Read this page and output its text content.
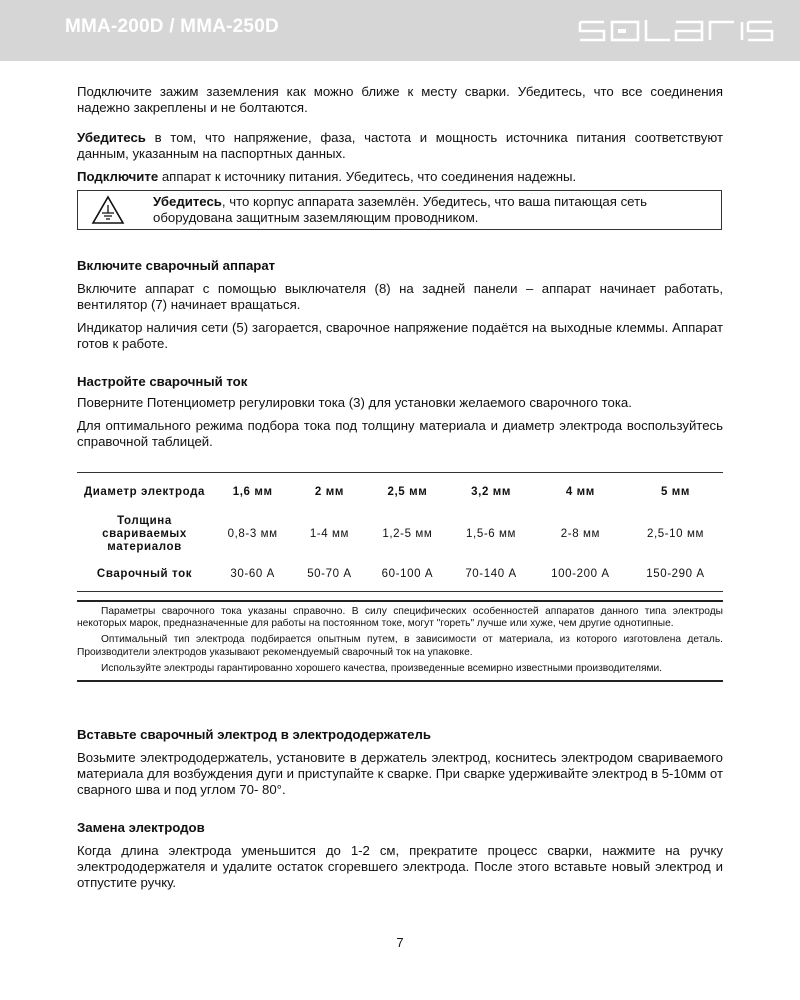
MMA-200D / MMA-250D

Подключите зажим заземления как можно ближе к месту сварки. Убедитесь, что все соединения надежно закреплены и не болтаются.

Убедитесь в том, что напряжение, фаза, частота и мощность источника питания соответствуют данным, указанным на паспортных данных.

Подключите аппарат к источнику питания. Убедитесь, что соединения надежны.

Убедитесь, что корпус аппарата заземлён. Убедитесь, что ваша питающая сеть оборудована защитным заземляющим проводником.
Включите сварочный аппарат

Включите аппарат с помощью выключателя (8) на задней панели – аппарат начинает работать, вентилятор (7) начинает вращаться.

Индикатор наличия сети (5) загорается, сварочное напряжение подаётся на выходные клеммы. Аппарат готов к работе.

Настройте сварочный ток

Поверните Потенциометр регулировки тока (3) для установки желаемого сварочного тока.

Для оптимального режима подбора тока под толщину материала и диаметр электрода воспользуйтесь справочной таблицей.

Диаметр электрода	1,6 мм	2 мм	2,5 мм	3,2 мм	4 мм	5 мм
Толщина свариваемых материалов	0,8-3 мм	1-4 мм	1,2-5 мм	1,5-6 мм	2-8 мм	2,5-10 мм
Сварочный ток	30-60 А	50-70 А	60-100 А	70-140 А	100-200 А	150-290 А

Параметры сварочного тока указаны справочно. В силу специфических особенностей аппаратов данного типа электроды некоторых марок, предназначенные для работы на постоянном токе, могут "гореть" лучше или хуже, чем другие однотипные.

Оптимальный тип электрода подбирается опытным путем, в зависимости от материала, из которого изготовлена деталь. Производители электродов указывают рекомендуемый сварочный ток на упаковке.

Используйте электроды гарантированно хорошего качества, произведенные всемирно известными производителями.

Вставьте сварочный электрод в электрододержатель

Возьмите электрододержатель, установите в держатель электрод, коснитесь электродом свариваемого материала для возбуждения дуги и приступайте к сварке. При сварке удерживайте электрод в 5-10мм от сварного шва и под углом 70- 80°.

Замена электродов

Когда длина электрода уменьшится до 1-2 см, прекратите процесс сварки, нажмите на ручку электрододержателя и удалите остаток сгоревшего электрода. После этого вставьте новый электрод и отпустите ручку.

7
